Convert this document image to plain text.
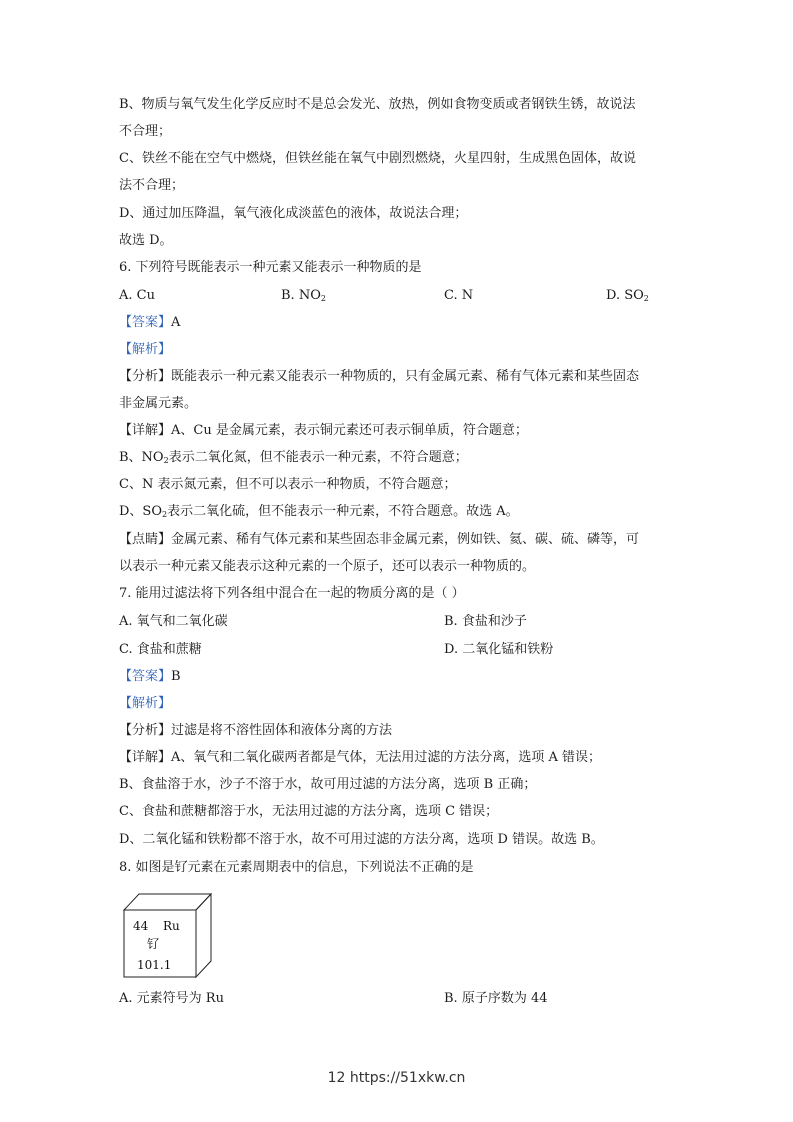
B、物质与氧气发生化学反应时不是总会发光、放热，例如食物变质或者钢铁生锈，故说法
不合理；
C、铁丝不能在空气中燃烧，但铁丝能在氧气中剧烈燃烧，火星四射，生成黑色固体，故说
法不合理；
D、通过加压降温，氧气液化成淡蓝色的液体，故说法合理；
故选 D。
6. 下列符号既能表示一种元素又能表示一种物质的是
A. Cu	B. $NO_2$	C. N	D. $SO_2$
【答案】A
【解析】
【分析】既能表示一种元素又能表示一种物质的，只有金属元素、稀有气体元素和某些固态
非金属元素。
【详解】A、Cu 是金属元素，表示铜元素还可表示铜单质，符合题意；
B、$NO_2$表示二氧化氮，但不能表示一种元素，不符合题意；
C、N 表示氮元素，但不可以表示一种物质，不符合题意；
D、$SO_2$表示二氧化硫，但不能表示一种元素，不符合题意。故选 A。
【点睛】金属元素、稀有气体元素和某些固态非金属元素，例如铁、氦、碳、硫、磷等，可
以表示一种元素又能表示这种元素的一个原子，还可以表示一种物质的。
7. 能用过滤法将下列各组中混合在一起的物质分离的是（ ）
A. 氧气和二氧化碳	B. 食盐和沙子
C. 食盐和蔗糖	D. 二氧化锰和铁粉
【答案】B
【解析】
【分析】过滤是将不溶性固体和液体分离的方法
【详解】A、氧气和二氧化碳两者都是气体，无法用过滤的方法分离，选项 A 错误；
B、食盐溶于水，沙子不溶于水，故可用过滤的方法分离，选项 B 正确；
C、食盐和蔗糖都溶于水，无法用过滤的方法分离，选项 C 错误；
D、二氧化锰和铁粉都不溶于水，故不可用过滤的方法分离，选项 D 错误。故选 B。
8. 如图是钌元素在元素周期表中的信息，下列说法不正确的是
44 Ru
钌
101.1
A. 元素符号为 Ru	B. 原子序数为 44
12 https://51xkw.cn
